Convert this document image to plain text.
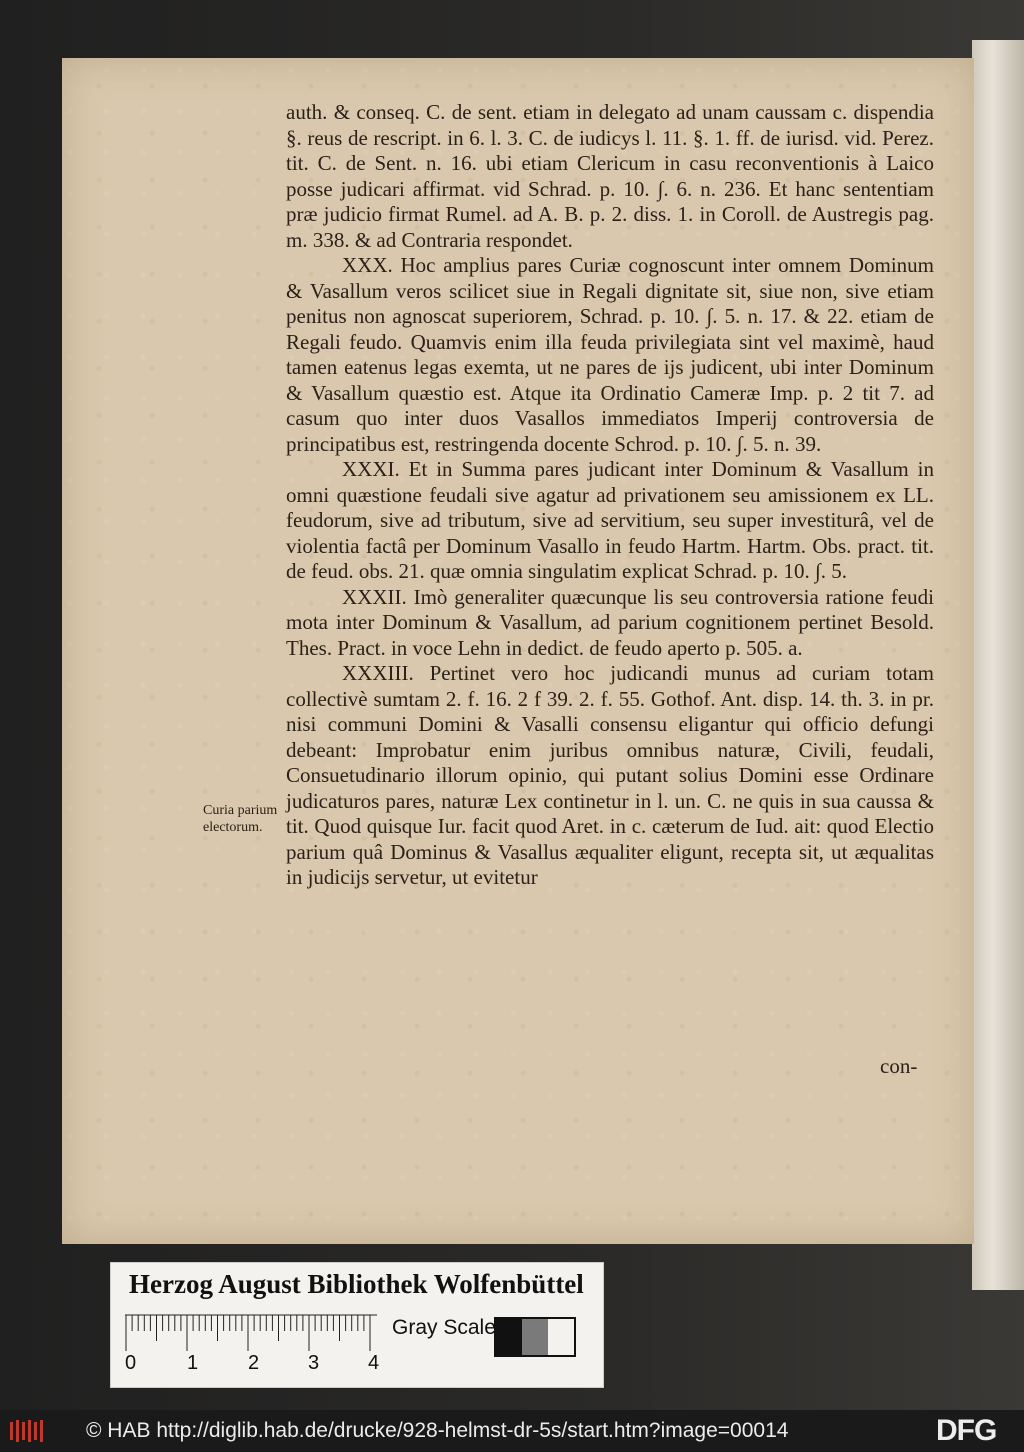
auth. & conseq. C. de sent. etiam in delegato ad unam caussam c. dispendia §. reus de rescript. in 6. l. 3. C. de iudicys l. 11. §. 1. ff. de iurisd. vid. Perez. tit. C. de Sent. n. 16. ubi etiam Clericum in casu reconventionis à Laico posse judicari affirmat. vid Schrad. p. 10. ∫. 6. n. 236. Et hanc sententiam præ judicio firmat Rumel. ad A. B. p. 2. diss. 1. in Coroll. de Austregis pag. m. 338. & ad Contraria respondet.

XXX. Hoc amplius pares Curiæ cognoscunt inter omnem Dominum & Vasallum veros scilicet siue in Regali dignitate sit, siue non, sive etiam penitus non agnoscat superiorem, Schrad. p. 10. ∫. 5. n. 17. & 22. etiam de Regali feudo. Quamvis enim illa feuda privilegiata sint vel maximè, haud tamen eatenus legas exemta, ut ne pares de ijs judicent, ubi inter Dominum & Vasallum quæstio est. Atque ita Ordinatio Cameræ Imp. p. 2 tit 7. ad casum quo inter duos Vasallos immediatos Imperij controversia de principatibus est, restringenda docente Schrod. p. 10. ∫. 5. n. 39.

XXXI. Et in Summa pares judicant inter Dominum & Vasallum in omni quæstione feudali sive agatur ad privationem seu amissionem ex LL. feudorum, sive ad tributum, sive ad servitium, seu super investiturâ, vel de violentia factâ per Dominum Vasallo in feudo Hartm. Hartm. Obs. pract. tit. de feud. obs. 21. quæ omnia singulatim explicat Schrad. p. 10. ∫. 5.

XXXII. Imò generaliter quæcunque lis seu controversia ratione feudi mota inter Dominum & Vasallum, ad parium cognitionem pertinet Besold. Thes. Pract. in voce Lehn in dedict. de feudo aperto p. 505. a.

XXXIII. Pertinet vero hoc judicandi munus ad curiam totam collectivè sumtam 2. f. 16. 2 f 39. 2. f. 55. Gothof. Ant. disp. 14. th. 3. in pr. nisi communi Domini & Vasalli consensu eligantur qui officio defungi debeant: Improbatur enim juribus omnibus naturæ, Civili, feudali, Consuetudinario illorum opinio, qui putant solius Domini esse Ordinare judicaturos pares, naturæ Lex continetur in l. un. C. ne quis in sua caussa & tit. Quod quisque Iur. facit quod Aret. in c. cæterum de Iud. ait: quod Electio parium quâ Dominus & Vasallus æqualiter eligunt, recepta sit, ut æqualitas in judicijs servetur, ut evitetur

Curia parium electorum.
con-
Herzog August Bibliothek Wolfenbüttel
0	1 2 3 4
Gray Scale
© HAB http://diglib.hab.de/drucke/928-helmst-dr-5s/start.htm?image=00014	DFG
